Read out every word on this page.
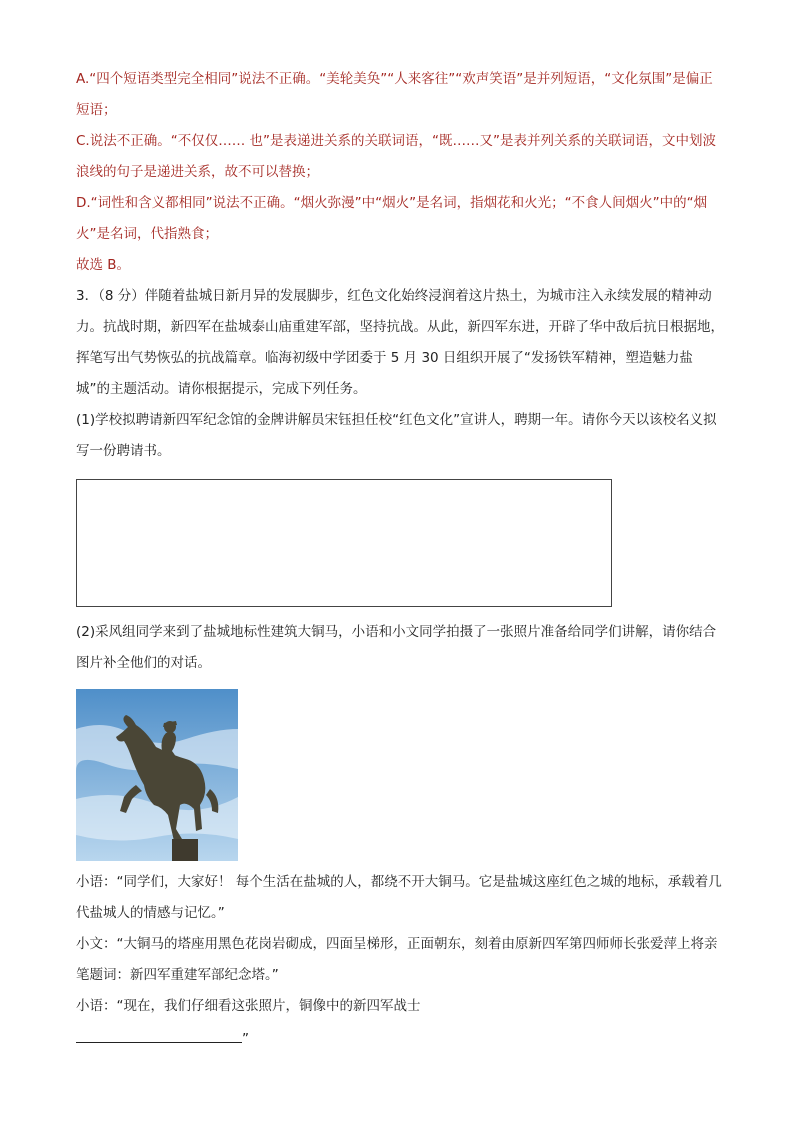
A.“四个短语类型完全相同”说法不正确。“美轮美奂”“人来客往”“欢声笑语”是并列短语，“文化氛围”是偏正短语；

C.说法不正确。“不仅仅…… 也”是表递进关系的关联词语，“既……又”是表并列关系的关联词语，文中划波浪线的句子是递进关系，故不可以替换；

D.“词性和含义都相同”说法不正确。“烟火弥漫”中“烟火”是名词，指烟花和火光；“不食人间烟火”中的“烟火”是名词，代指熟食；

故选 B。

3．（8 分）伴随着盐城日新月异的发展脚步，红色文化始终浸润着这片热土，为城市注入永续发展的精神动力。抗战时期，新四军在盐城泰山庙重建军部，坚持抗战。从此，新四军东进，开辟了华中敌后抗日根据地，挥笔写出气势恢弘的抗战篇章。临海初级中学团委于 5 月 30 日组织开展了“发扬铁军精神，塑造魅力盐城”的主题活动。请你根据提示，完成下列任务。

(1)学校拟聘请新四军纪念馆的金牌讲解员宋钰担任校“红色文化”宣讲人，聘期一年。请你今天以该校名义拟写一份聘请书。

(2)采风组同学来到了盐城地标性建筑大铜马，小语和小文同学拍摄了一张照片准备给同学们讲解，请你结合图片补全他们的对话。

小语：“同学们，大家好！ 每个生活在盐城的人，都绕不开大铜马。它是盐城这座红色之城的地标，承载着几代盐城人的情感与记忆。”

小文：“大铜马的塔座用黑色花岗岩砌成，四面呈梯形，正面朝东，刻着由原新四军第四师师长张爱萍上将亲笔题词：新四军重建军部纪念塔。”

小语：“现在，我们仔细看这张照片，铜像中的新四军战士

”
